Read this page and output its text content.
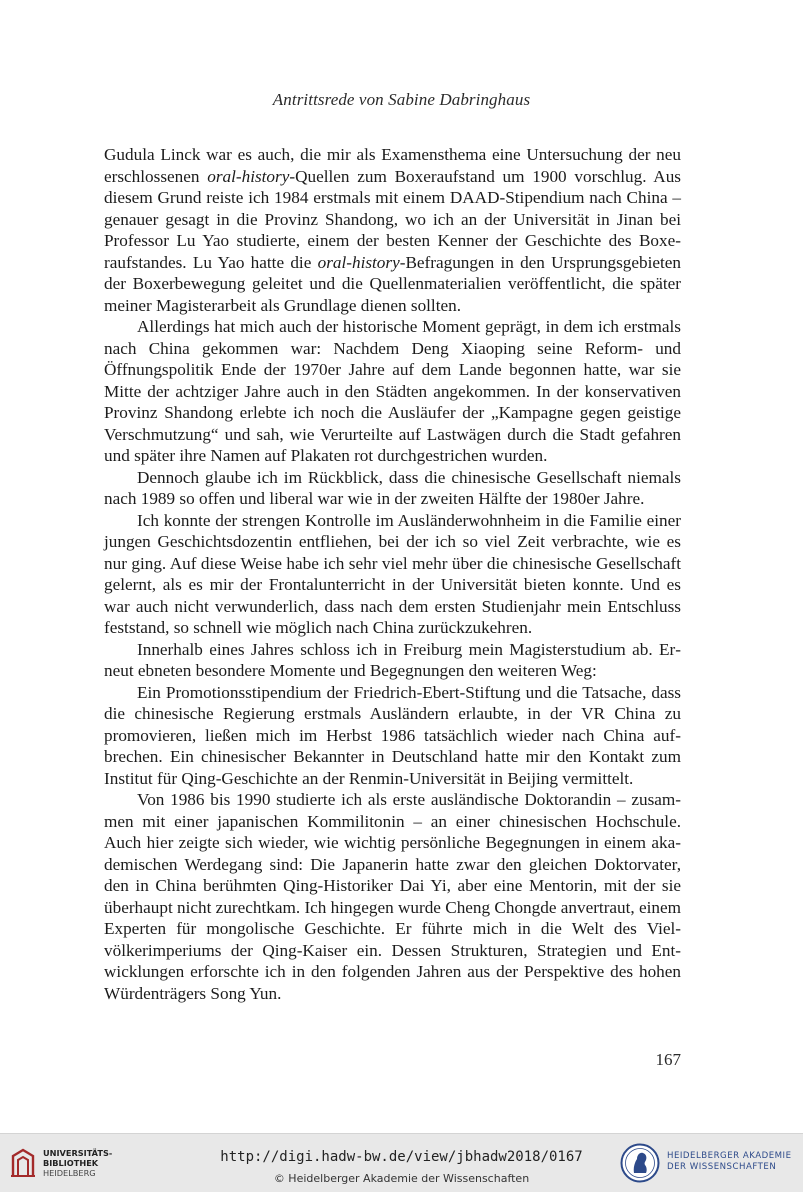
Antrittsrede von Sabine Dabringhaus

Gudula Linck war es auch, die mir als Examensthema eine Untersuchung der neu erschlossenen oral-history-Quellen zum Boxeraufstand um 1900 vorschlug. Aus diesem Grund reiste ich 1984 erstmals mit einem DAAD-Stipendium nach China – genauer gesagt in die Provinz Shandong, wo ich an der Universität in Jinan bei Professor Lu Yao studierte, einem der besten Kenner der Geschichte des Boxeraufstandes. Lu Yao hatte die oral-history-Befragungen in den Ursprungsgebieten der Boxerbewegung geleitet und die Quellenmaterialien veröffentlicht, die später meiner Magisterarbeit als Grundlage dienen sollten.

Allerdings hat mich auch der historische Moment geprägt, in dem ich erstmals nach China gekommen war: Nachdem Deng Xiaoping seine Reform- und Öffnungspolitik Ende der 1970er Jahre auf dem Lande begonnen hatte, war sie Mitte der achtziger Jahre auch in den Städten angekommen. In der konservativen Provinz Shandong erlebte ich noch die Ausläufer der „Kampagne gegen geistige Verschmutzung“ und sah, wie Verurteilte auf Lastwägen durch die Stadt gefahren und später ihre Namen auf Plakaten rot durchgestrichen wurden.

Dennoch glaube ich im Rückblick, dass die chinesische Gesellschaft niemals nach 1989 so offen und liberal war wie in der zweiten Hälfte der 1980er Jahre.

Ich konnte der strengen Kontrolle im Ausländerwohnheim in die Familie einer jungen Geschichtsdozentin entfliehen, bei der ich so viel Zeit verbrachte, wie es nur ging. Auf diese Weise habe ich sehr viel mehr über die chinesische Gesellschaft gelernt, als es mir der Frontalunterricht in der Universität bieten konnte. Und es war auch nicht verwunderlich, dass nach dem ersten Studienjahr mein Entschluss feststand, so schnell wie möglich nach China zurückzukehren.

Innerhalb eines Jahres schloss ich in Freiburg mein Magisterstudium ab. Erneut ebneten besondere Momente und Begegnungen den weiteren Weg:

Ein Promotionsstipendium der Friedrich-Ebert-Stiftung und die Tatsache, dass die chinesische Regierung erstmals Ausländern erlaubte, in der VR China zu promovieren, ließen mich im Herbst 1986 tatsächlich wieder nach China aufbrechen. Ein chinesischer Bekannter in Deutschland hatte mir den Kontakt zum Institut für Qing-Geschichte an der Renmin-Universität in Beijing vermittelt.

Von 1986 bis 1990 studierte ich als erste ausländische Doktorandin – zusammen mit einer japanischen Kommilitonin – an einer chinesischen Hochschule. Auch hier zeigte sich wieder, wie wichtig persönliche Begegnungen in einem akademischen Werdegang sind: Die Japanerin hatte zwar den gleichen Doktorvater, den in China berühmten Qing-Historiker Dai Yi, aber eine Mentorin, mit der sie überhaupt nicht zurechtkam. Ich hingegen wurde Cheng Chongde anvertraut, einem Experten für mongolische Geschichte. Er führte mich in die Welt des Vielvölkerimperiums der Qing-Kaiser ein. Dessen Strukturen, Strategien und Entwicklungen erforschte ich in den folgenden Jahren aus der Perspektive des hohen Würdenträgers Song Yun.

167
UNIVERSITÄTS-
BIBLIOTHEK
HEIDELBERG
http://digi.hadw-bw.de/view/jbhadw2018/0167
© Heidelberger Akademie der Wissenschaften
HEIDELBERGER AKADEMIE
DER WISSENSCHAFTEN
